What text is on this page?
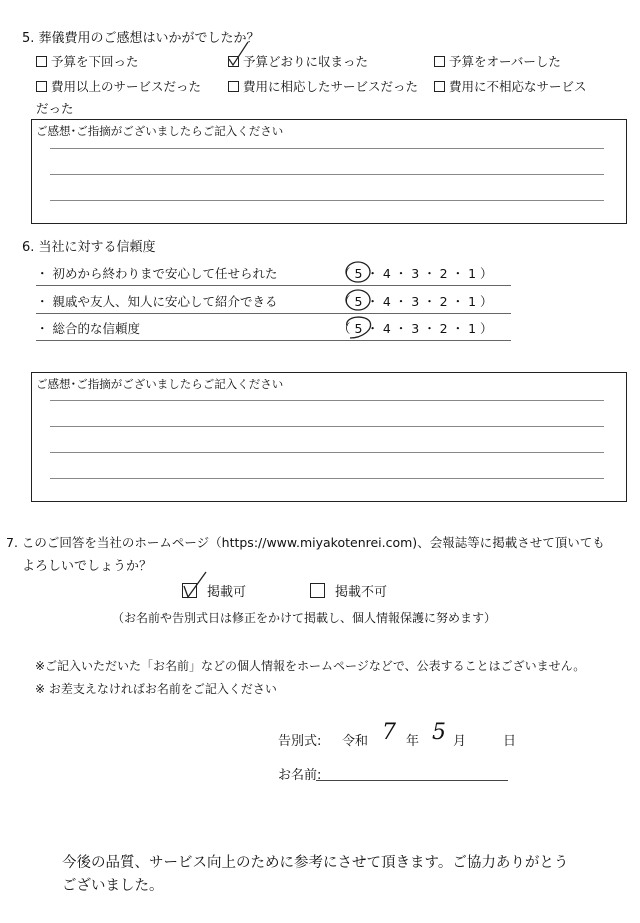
5. 葬儀費用のご感想はいかがでしたか？
予算を下回った	予算どおりに収まった	予算をオーバーした
費用以上のサービスだった	費用に相応したサービスだった 費用に不相応なサービス
だった
ご感想･ご指摘がございましたらご記入ください
6. 当社に対する信頼度
・ 初めから終わりまで安心して任せられた	（ 5 ・ 4 ・ 3 ・ 2 ・ 1 ）
・ 親戚や友人、知人に安心して紹介できる	（ 5 ・ 4 ・ 3 ・ 2 ・ 1 ）
・ 総合的な信頼度	（ 5 ・ 4 ・ 3 ・ 2 ・ 1 ）
ご感想･ご指摘がございましたらご記入ください
7. このご回答を当社のホームページ（https://www.miyakotenrei.com)、会報誌等に掲載させて頂いても
よろしいでしょうか？
掲載可	掲載不可
（お名前や告別式日は修正をかけて掲載し、個人情報保護に努めます）
※ご記入いただいた「お名前」などの個人情報をホームページなどで、公表することはございません。
※ お差支えなければお名前をご記入ください
告別式: 令和 7 年 5 月	日
お名前:
今後の品質、サービス向上のために参考にさせて頂きます。ご協力ありがとう
ございました。
